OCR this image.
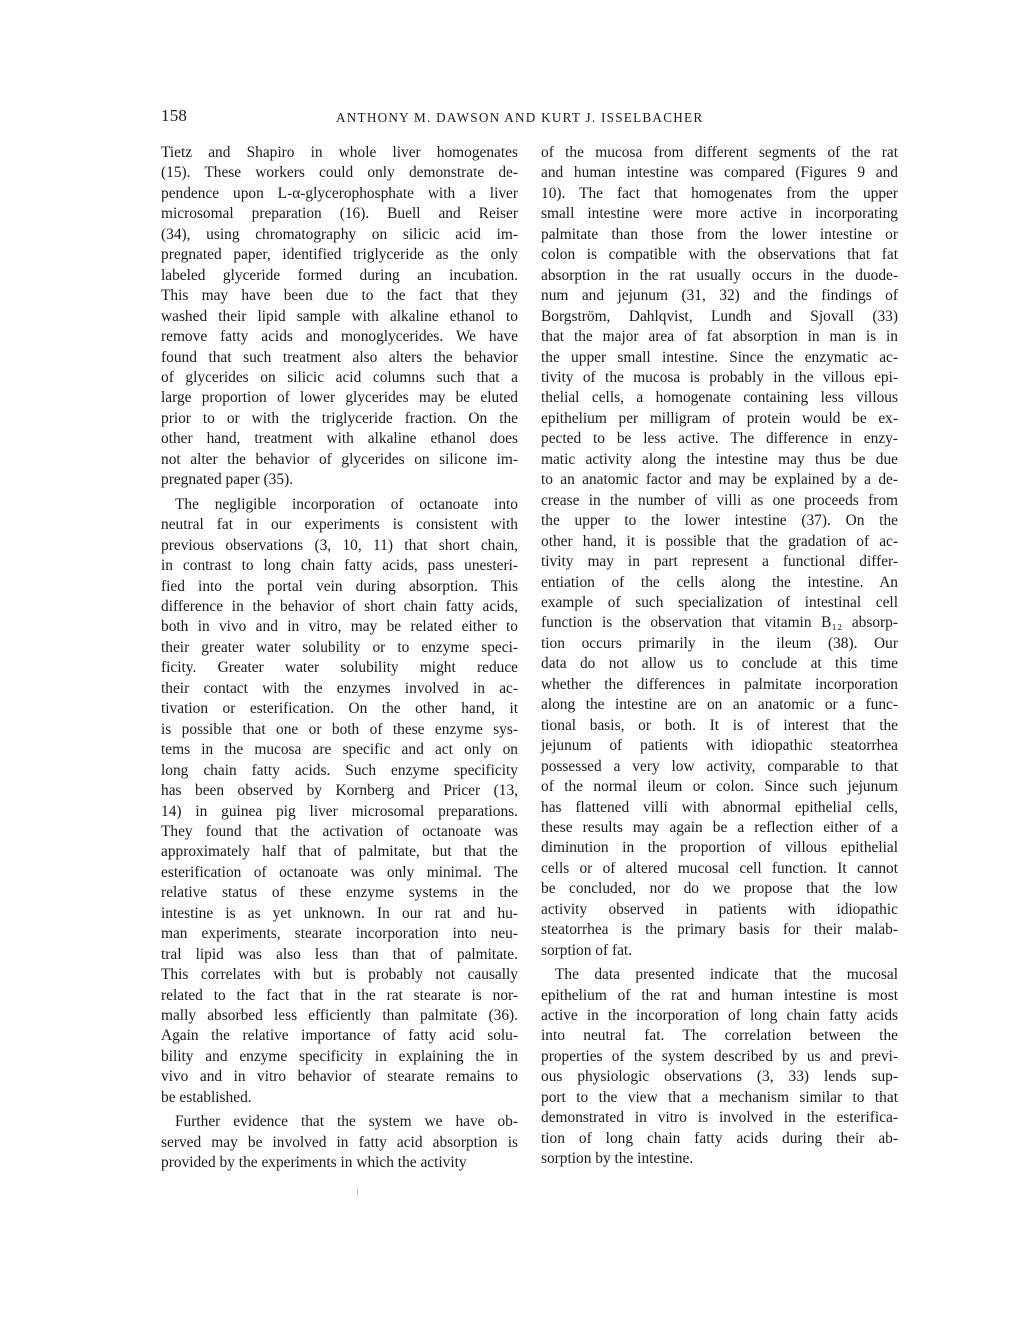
158	ANTHONY M. DAWSON AND KURT J. ISSELBACHER

Tietz and Shapiro in whole liver homogenates
(15). These workers could only demonstrate de-
pendence upon L-α-glycerophosphate with a liver
microsomal preparation (16). Buell and Reiser
(34), using chromatography on silicic acid im-
pregnated paper, identified triglyceride as the only
labeled glyceride formed during an incubation.
This may have been due to the fact that they
washed their lipid sample with alkaline ethanol to
remove fatty acids and monoglycerides. We have
found that such treatment also alters the behavior
of glycerides on silicic acid columns such that a
large proportion of lower glycerides may be eluted
prior to or with the triglyceride fraction. On the
other hand, treatment with alkaline ethanol does
not alter the behavior of glycerides on silicone im-
pregnated paper (35).

The negligible incorporation of octanoate into
neutral fat in our experiments is consistent with
previous observations (3, 10, 11) that short chain,
in contrast to long chain fatty acids, pass unesteri-
fied into the portal vein during absorption. This
difference in the behavior of short chain fatty acids,
both in vivo and in vitro, may be related either to
their greater water solubility or to enzyme speci-
ficity. Greater water solubility might reduce
their contact with the enzymes involved in ac-
tivation or esterification. On the other hand, it
is possible that one or both of these enzyme sys-
tems in the mucosa are specific and act only on
long chain fatty acids. Such enzyme specificity
has been observed by Kornberg and Pricer (13,
14) in guinea pig liver microsomal preparations.
They found that the activation of octanoate was
approximately half that of palmitate, but that the
esterification of octanoate was only minimal. The
relative status of these enzyme systems in the
intestine is as yet unknown. In our rat and hu-
man experiments, stearate incorporation into neu-
tral lipid was also less than that of palmitate.
This correlates with but is probably not causally
related to the fact that in the rat stearate is nor-
mally absorbed less efficiently than palmitate (36).
Again the relative importance of fatty acid solu-
bility and enzyme specificity in explaining the in
vivo and in vitro behavior of stearate remains to
be established.

Further evidence that the system we have ob-
served may be involved in fatty acid absorption is
provided by the experiments in which the activity

of the mucosa from different segments of the rat
and human intestine was compared (Figures 9 and
10). The fact that homogenates from the upper
small intestine were more active in incorporating
palmitate than those from the lower intestine or
colon is compatible with the observations that fat
absorption in the rat usually occurs in the duode-
num and jejunum (31, 32) and the findings of
Borgström, Dahlqvist, Lundh and Sjovall (33)
that the major area of fat absorption in man is in
the upper small intestine. Since the enzymatic ac-
tivity of the mucosa is probably in the villous epi-
thelial cells, a homogenate containing less villous
epithelium per milligram of protein would be ex-
pected to be less active. The difference in enzy-
matic activity along the intestine may thus be due
to an anatomic factor and may be explained by a de-
crease in the number of villi as one proceeds from
the upper to the lower intestine (37). On the
other hand, it is possible that the gradation of ac-
tivity may in part represent a functional differ-
entiation of the cells along the intestine. An
example of such specialization of intestinal cell
function is the observation that vitamin B₁₂ absorp-
tion occurs primarily in the ileum (38). Our
data do not allow us to conclude at this time
whether the differences in palmitate incorporation
along the intestine are on an anatomic or a func-
tional basis, or both. It is of interest that the
jejunum of patients with idiopathic steatorrhea
possessed a very low activity, comparable to that
of the normal ileum or colon. Since such jejunum
has flattened villi with abnormal epithelial cells,
these results may again be a reflection either of a
diminution in the proportion of villous epithelial
cells or of altered mucosal cell function. It cannot
be concluded, nor do we propose that the low
activity observed in patients with idiopathic
steatorrhea is the primary basis for their malab-
sorption of fat.

The data presented indicate that the mucosal
epithelium of the rat and human intestine is most
active in the incorporation of long chain fatty acids
into neutral fat. The correlation between the
properties of the system described by us and previ-
ous physiologic observations (3, 33) lends sup-
port to the view that a mechanism similar to that
demonstrated in vitro is involved in the esterifica-
tion of long chain fatty acids during their ab-
sorption by the intestine.
